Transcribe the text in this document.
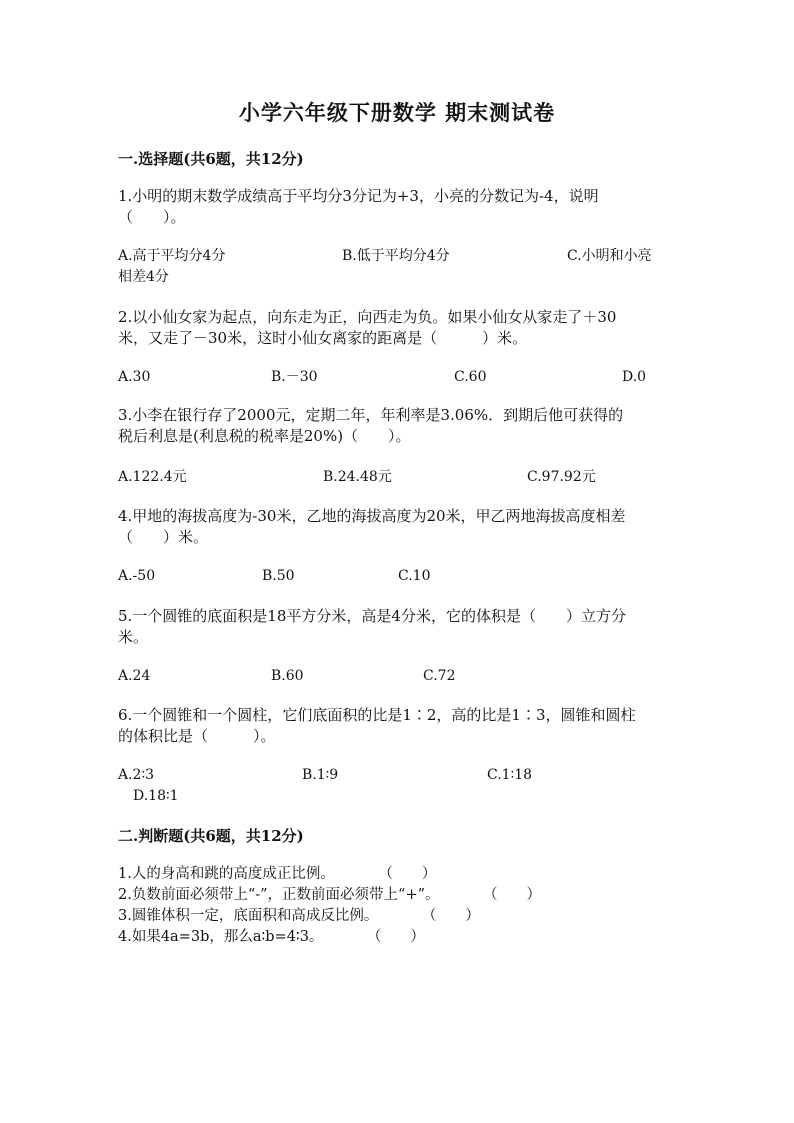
小学六年级下册数学 期末测试卷
一.选择题(共6题，共12分)
1.小明的期末数学成绩高于平均分3分记为+3，小亮的分数记为-4，说明
（　　）。
A.高于平均分4分	B.低于平均分4分	C.小明和小亮
相差4分
2.以小仙女家为起点，向东走为正，向西走为负。如果小仙女从家走了＋30
米，又走了－30米，这时小仙女离家的距离是（　　　）米。
A.30	B.－30	C.60	D.0
3.小李在银行存了2000元，定期二年，年利率是3.06%．到期后他可获得的
税后利息是(利息税的税率是20%)（　　）。
A.122.4元	B.24.48元	C.97.92元
4.甲地的海拔高度为-30米，乙地的海拔高度为20米，甲乙两地海拔高度相差
（　　）米。
A.-50	B.50	C.10
5.一个圆锥的底面积是18平方分米，高是4分米，它的体积是（　　）立方分
米。
A.24	B.60	C.72
6.一个圆锥和一个圆柱，它们底面积的比是1∶2，高的比是1∶3，圆锥和圆柱
的体积比是（　　　）。
A.2∶3	B.1∶9	C.1∶18
D.18∶1
二.判断题(共6题，共12分)
1.人的身高和跳的高度成正比例。　　　　（　　）
2.负数前面必须带上“-”，正数前面必须带上“+”。　　　　（　　）
3.圆锥体积一定，底面积和高成反比例。　　　　（　　）
4.如果4a=3b，那么a∶b=4∶3。　　　　（　　）
